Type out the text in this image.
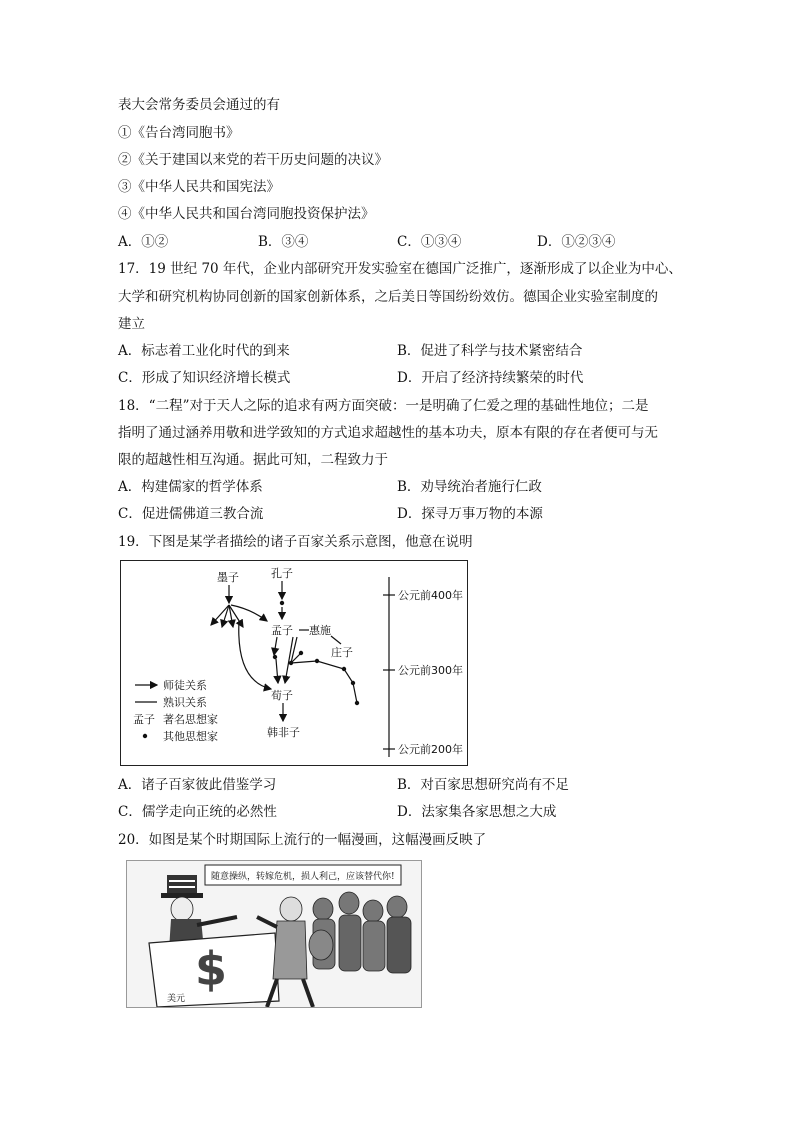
表大会常务委员会通过的有
①《告台湾同胞书》
②《关于建国以来党的若干历史问题的决议》
③《中华人民共和国宪法》
④《中华人民共和国台湾同胞投资保护法》
A．①②	B．③④	C．①③④	D．①②③④
17．19 世纪 70 年代，企业内部研究开发实验室在德国广泛推广，逐渐形成了以企业为中心、
大学和研究机构协同创新的国家创新体系，之后美日等国纷纷效仿。德国企业实验室制度的
建立
A．标志着工业化时代的到来	B．促进了科学与技术紧密结合
C．形成了知识经济增长模式	D．开启了经济持续繁荣的时代
18．“二程”对于天人之际的追求有两方面突破：一是明确了仁爱之理的基础性地位；二是
指明了通过涵养用敬和进学致知的方式追求超越性的基本功夫，原本有限的存在者便可与无
限的超越性相互沟通。据此可知，二程致力于
A．构建儒家的哲学体系	B．劝导统治者施行仁政
C．促进儒佛道三教合流	D．探寻万事万物的本源
19．下图是某学者描绘的诸子百家关系示意图，他意在说明
墨子	孔子
孟子 惠施
庄子
荀子
韩非子
公元前400年
公元前300年
公元前200年
师徒关系
熟识关系
孟子 著名思想家
其他思想家
A．诸子百家彼此借鉴学习	B．对百家思想研究尚有不足
C．儒学走向正统的必然性	D．法家集各家思想之大成
20．如图是某个时期国际上流行的一幅漫画，这幅漫画反映了
随意操纵，转嫁危机，损人利己，应该替代你!
$
美元
